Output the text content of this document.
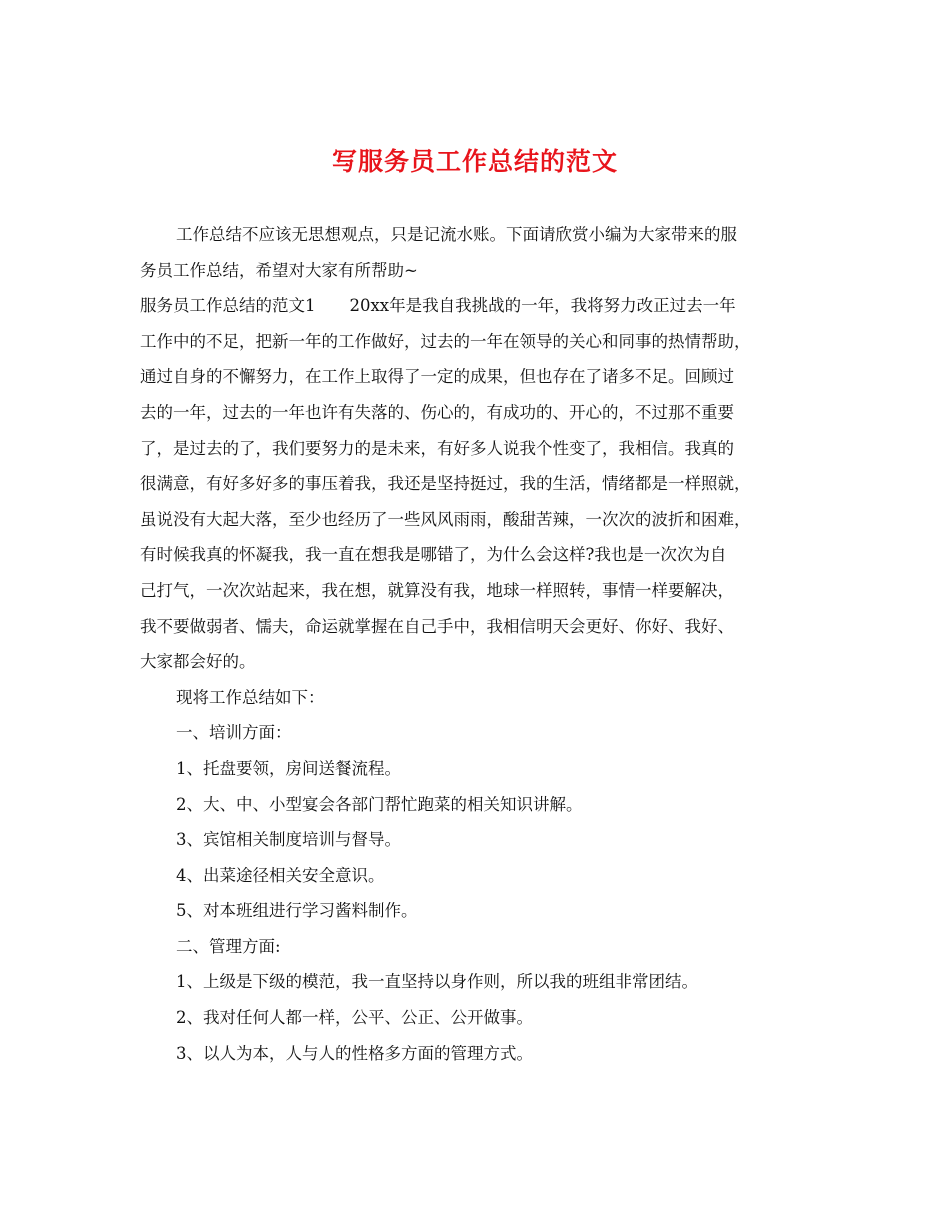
写服务员工作总结的范文
工作总结不应该无思想观点，只是记流水账。下面请欣赏小编为大家带来的服
务员工作总结，希望对大家有所帮助~
服务员工作总结的范文1 20xx年是我自我挑战的一年，我将努力改正过去一年
工作中的不足，把新一年的工作做好，过去的一年在领导的关心和同事的热情帮助，
通过自身的不懈努力，在工作上取得了一定的成果，但也存在了诸多不足。回顾过
去的一年，过去的一年也许有失落的、伤心的，有成功的、开心的，不过那不重要
了，是过去的了，我们要努力的是未来，有好多人说我个性变了，我相信。我真的
很满意，有好多好多的事压着我，我还是坚持挺过，我的生活，情绪都是一样照就，
虽说没有大起大落，至少也经历了一些风风雨雨，酸甜苦辣，一次次的波折和困难，
有时候我真的怀凝我，我一直在想我是哪错了，为什么会这样?我也是一次次为自
己打气，一次次站起来，我在想，就算没有我，地球一样照转，事情一样要解决，
我不要做弱者、懦夫，命运就掌握在自己手中，我相信明天会更好、你好、我好、
大家都会好的。
现将工作总结如下：
一、培训方面：
1、托盘要领，房间送餐流程。
2、大、中、小型宴会各部门帮忙跑菜的相关知识讲解。
3、宾馆相关制度培训与督导。
4、出菜途径相关安全意识。
5、对本班组进行学习酱料制作。
二、管理方面:
1、上级是下级的模范，我一直坚持以身作则，所以我的班组非常团结。
2、我对任何人都一样，公平、公正、公开做事。
3、以人为本，人与人的性格多方面的管理方式。
